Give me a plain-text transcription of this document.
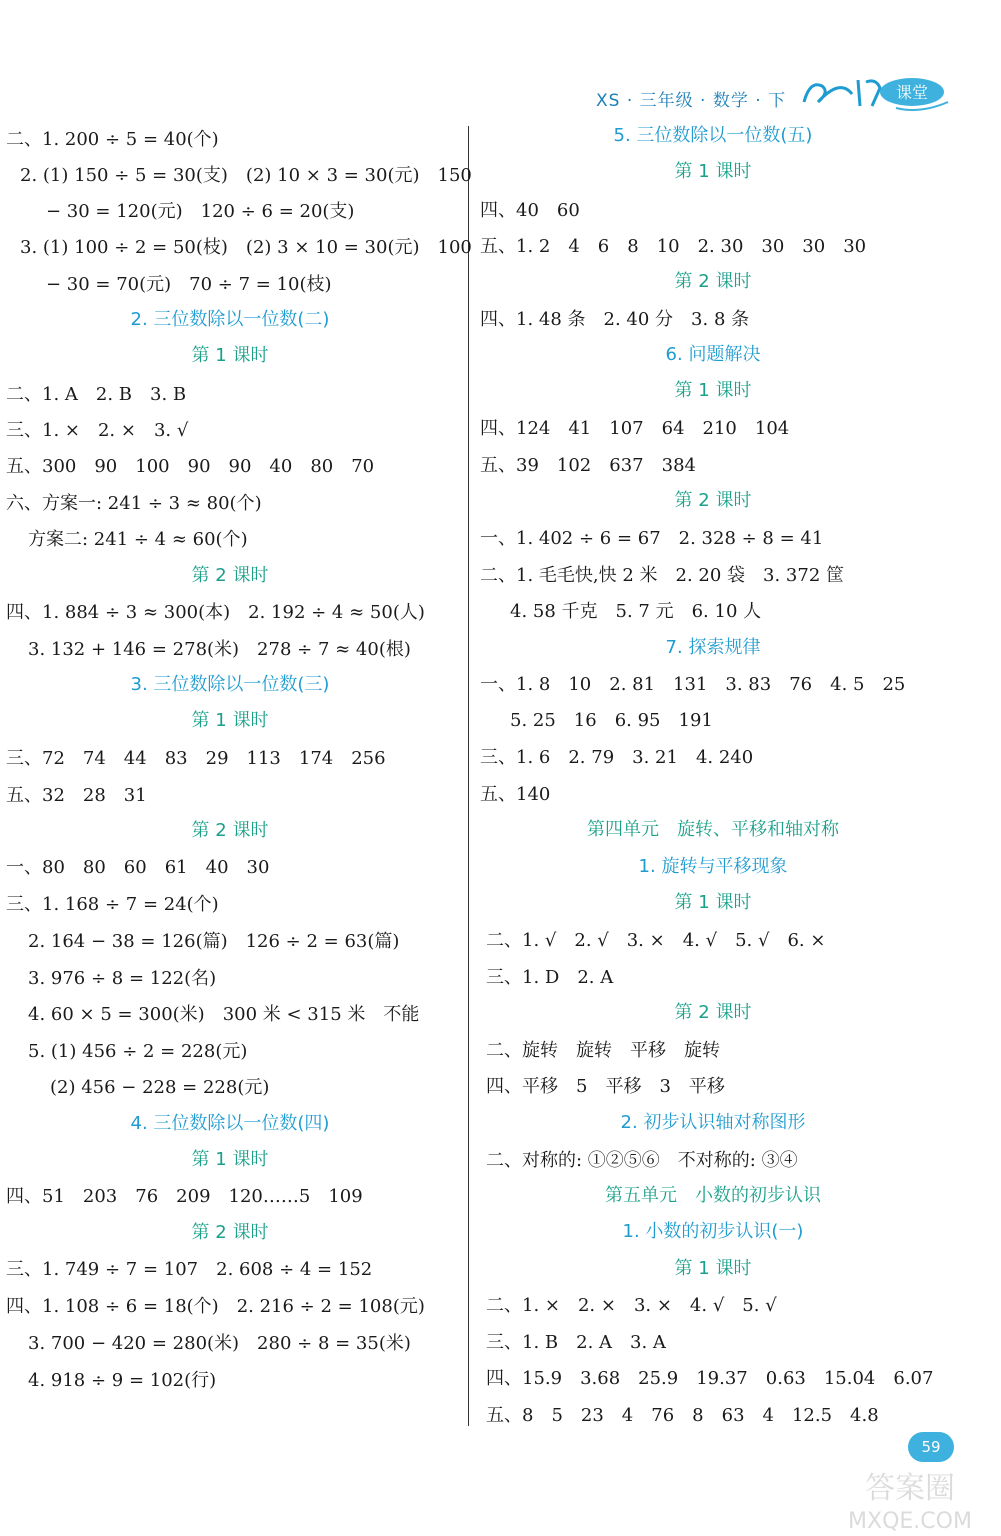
XS · 三年级 · 数学 · 下	课堂
二、1. 200 ÷ 5 = 40(个)
2. (1) 150 ÷ 5 = 30(支)　(2) 10 × 3 = 30(元)　150
− 30 = 120(元)　120 ÷ 6 = 20(支)
3. (1) 100 ÷ 2 = 50(枝)　(2) 3 × 10 = 30(元)　100
− 30 = 70(元)　70 ÷ 7 = 10(枝)
2. 三位数除以一位数(二)
第 1 课时
二、1. A　2. B　3. B
三、1. ×　2. ×　3. √
五、300　90　100　90　90　40　80　70
六、方案一: 241 ÷ 3 ≈ 80(个)
方案二: 241 ÷ 4 ≈ 60(个)
第 2 课时
四、1. 884 ÷ 3 ≈ 300(本)　2. 192 ÷ 4 ≈ 50(人)
3. 132 + 146 = 278(米)　278 ÷ 7 ≈ 40(根)
3. 三位数除以一位数(三)
第 1 课时
三、72　74　44　83　29　113　174　256
五、32　28　31
第 2 课时
一、80　80　60　61　40　30
三、1. 168 ÷ 7 = 24(个)
2. 164 − 38 = 126(篇)　126 ÷ 2 = 63(篇)
3. 976 ÷ 8 = 122(名)
4. 60 × 5 = 300(米)　300 米 < 315 米　不能
5. (1) 456 ÷ 2 = 228(元)
(2) 456 − 228 = 228(元)
4. 三位数除以一位数(四)
第 1 课时
四、51　203　76　209　120……5　109
第 2 课时
三、1. 749 ÷ 7 = 107　2. 608 ÷ 4 = 152
四、1. 108 ÷ 6 = 18(个)　2. 216 ÷ 2 = 108(元)
3. 700 − 420 = 280(米)　280 ÷ 8 = 35(米)
4. 918 ÷ 9 = 102(行)
5. 三位数除以一位数(五)
第 1 课时
四、40　60
五、1. 2　4　6　8　10　2. 30　30　30　30
第 2 课时
四、1. 48 条　2. 40 分　3. 8 条
6. 问题解决
第 1 课时
四、124　41　107　64　210　104
五、39　102　637　384
第 2 课时
一、1. 402 ÷ 6 = 67　2. 328 ÷ 8 = 41
二、1. 毛毛快,快 2 米　2. 20 袋　3. 372 筐
4. 58 千克　5. 7 元　6. 10 人
7. 探索规律
一、1. 8　10　2. 81　131　3. 83　76　4. 5　25
5. 25　16　6. 95　191
三、1. 6　2. 79　3. 21　4. 240
五、140
第四单元　旋转、平移和轴对称
1. 旋转与平移现象
第 1 课时
二、1. √　2. √　3. ×　4. √　5. √　6. ×
三、1. D　2. A
第 2 课时
二、旋转　旋转　平移　旋转
四、平移　5　平移　3　平移
2. 初步认识轴对称图形
二、对称的: ①②⑤⑥　不对称的: ③④
第五单元　小数的初步认识
1. 小数的初步认识(一)
第 1 课时
二、1. ×　2. ×　3. ×　4. √　5. √
三、1. B　2. A　3. A
四、15.9　3.68　25.9　19.37　0.63　15.04　6.07
五、8　5　23　4　76　8　63　4　12.5　4.8
59
答案圈
MXQE.COM
